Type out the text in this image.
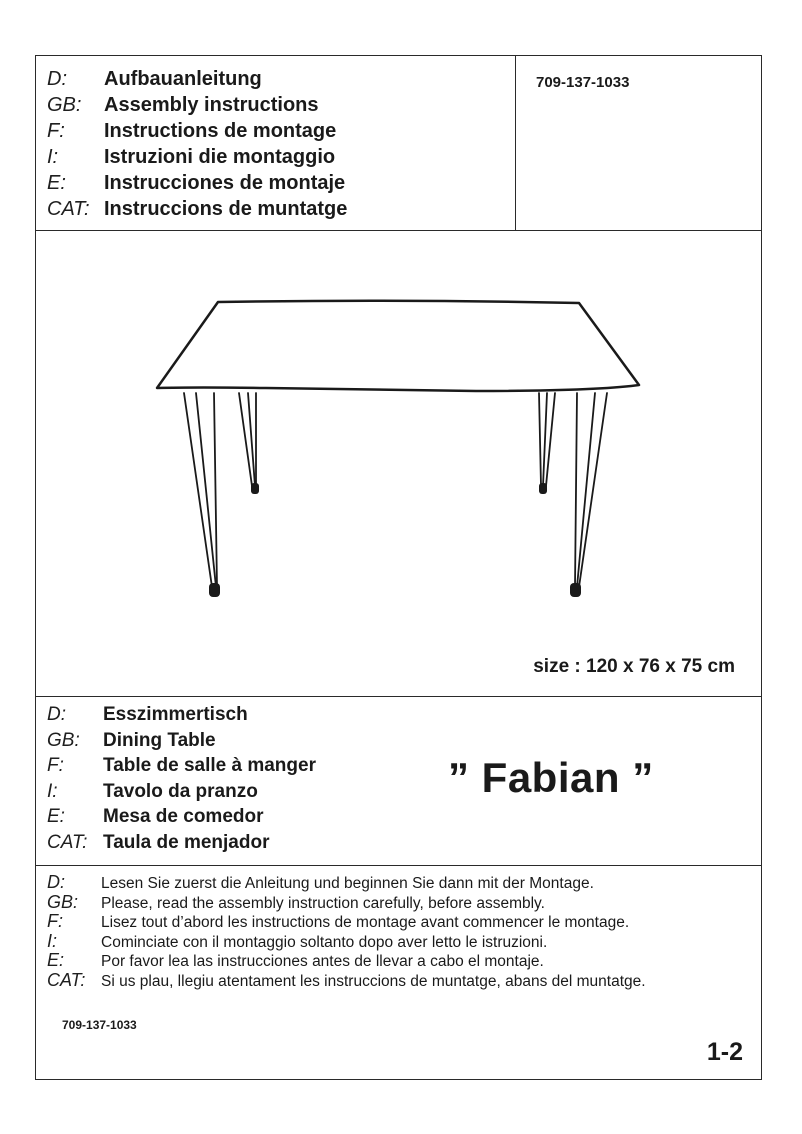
D:	Aufbauanleitung
GB:	Assembly instructions
F:	Instructions de montage
I:	Istruzioni die montaggio
E:	Instrucciones de montaje
CAT: Instruccions de muntatge
709-137-1033
size : 120 x 76 x 75 cm
D:	Esszimmertisch
GB:	Dining Table
F:	Table de salle à manger
I:	Tavolo da pranzo
E:	Mesa de comedor
CAT: Taula de menjador
” Fabian ”
D:	Lesen Sie zuerst die Anleitung und beginnen Sie dann mit der Montage.
GB:	Please, read the assembly instruction carefully, before assembly.
F:	Lisez tout d’abord les instructions de montage avant commencer le montage.
I:	Cominciate con il montaggio soltanto dopo aver letto le istruzioni.
E:	Por favor lea las instrucciones antes de llevar a cabo el montaje.
CAT:	Si us plau, llegiu atentament les instruccions de muntatge, abans del muntatge.
709-137-1033
1-2
